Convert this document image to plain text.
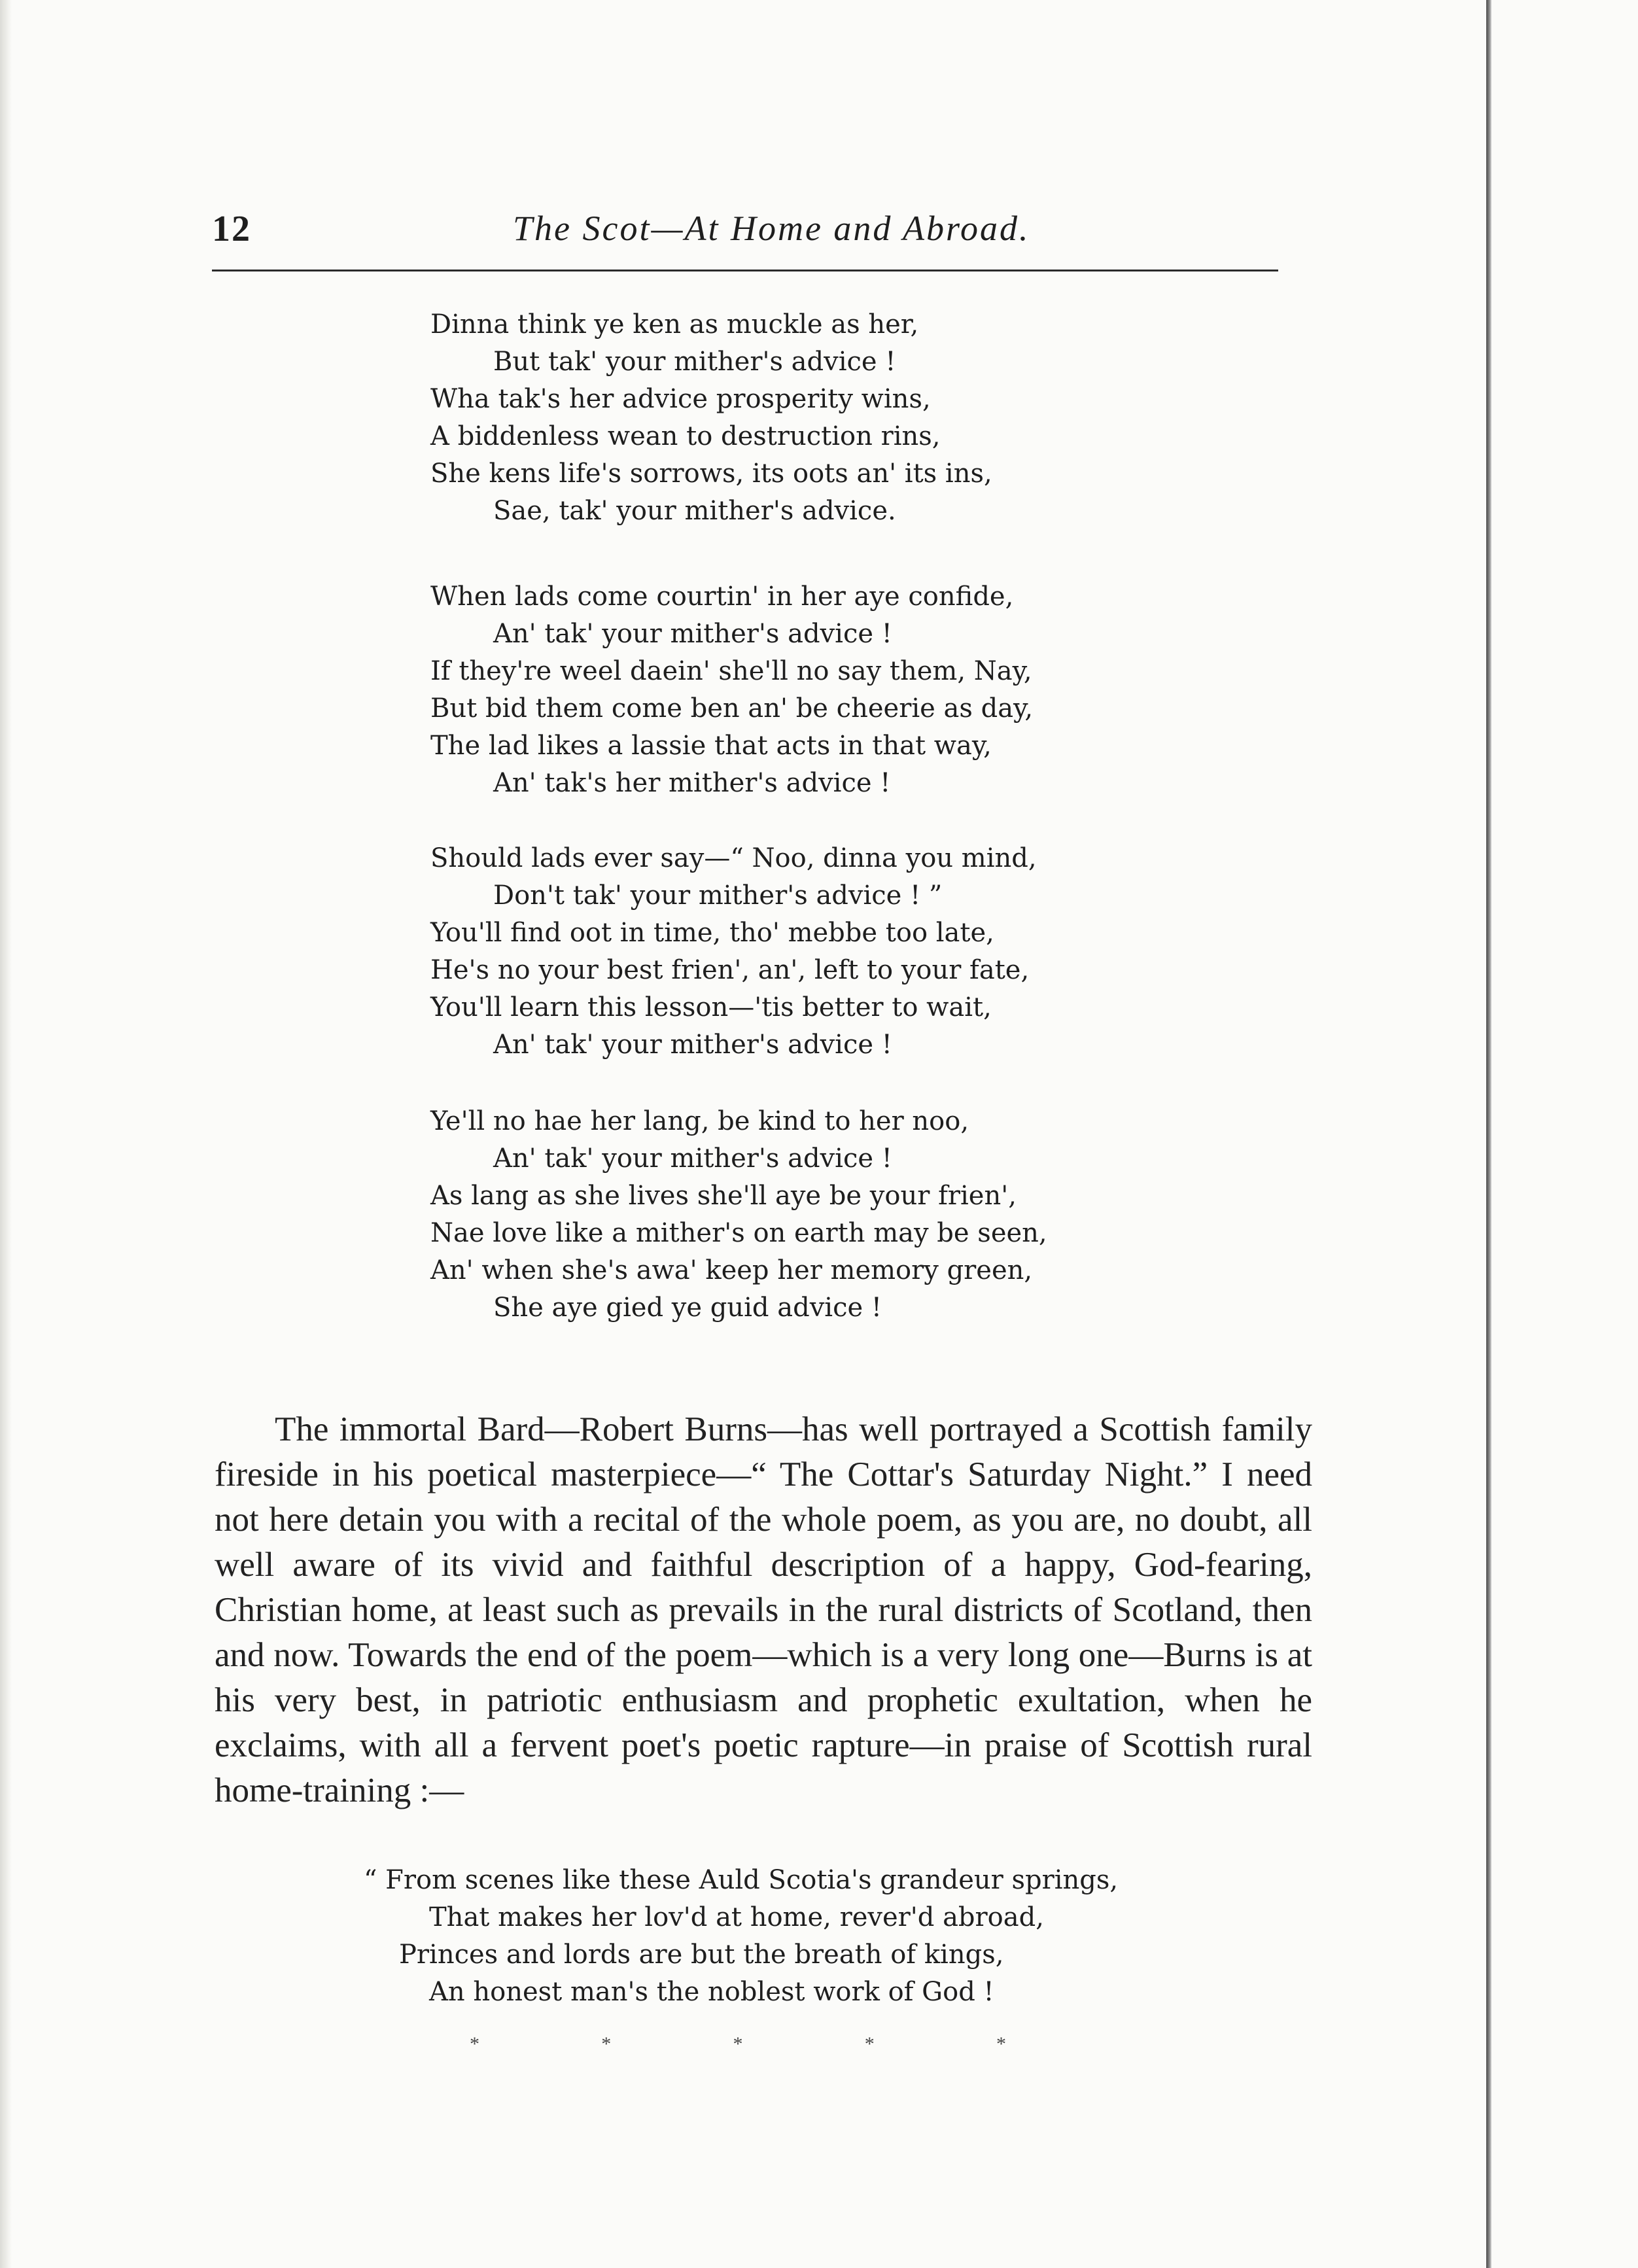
12	The Scot—At Home and Abroad.
Dinna think ye ken as muckle as her,
But tak' your mither's advice !
Wha tak's her advice prosperity wins,
A biddenless wean to destruction rins,
She kens life's sorrows, its oots an' its ins,
Sae, tak' your mither's advice.
When lads come courtin' in her aye confide,
An' tak' your mither's advice !
If they're weel daein' she'll no say them, Nay,
But bid them come ben an' be cheerie as day,
The lad likes a lassie that acts in that way,
An' tak's her mither's advice !
Should lads ever say—“ Noo, dinna you mind,
Don't tak' your mither's advice ! ”
You'll find oot in time, tho' mebbe too late,
He's no your best frien', an', left to your fate,
You'll learn this lesson—'tis better to wait,
An' tak' your mither's advice !
Ye'll no hae her lang, be kind to her noo,
An' tak' your mither's advice !
As lang as she lives she'll aye be your frien',
Nae love like a mither's on earth may be seen,
An' when she's awa' keep her memory green,
She aye gied ye guid advice !

The immortal Bard—Robert Burns—has well portrayed a Scottish family fireside in his poetical masterpiece—“ The Cottar's Saturday Night.” I need not here detain you with a recital of the whole poem, as you are, no doubt, all well aware of its vivid and faithful description of a happy, God-fearing, Christian home, at least such as prevails in the rural districts of Scotland, then and now. Towards the end of the poem—which is a very long one—Burns is at his very best, in patriotic enthusiasm and prophetic exultation, when he exclaims, with all a fervent poet's poetic rapture—in praise of Scottish rural home-training :—

“ From scenes like these Auld Scotia's grandeur springs,
That makes her lov'd at home, rever'd abroad,
Princes and lords are but the breath of kings,
An honest man's the noblest work of God !
*	*	*	*	*
